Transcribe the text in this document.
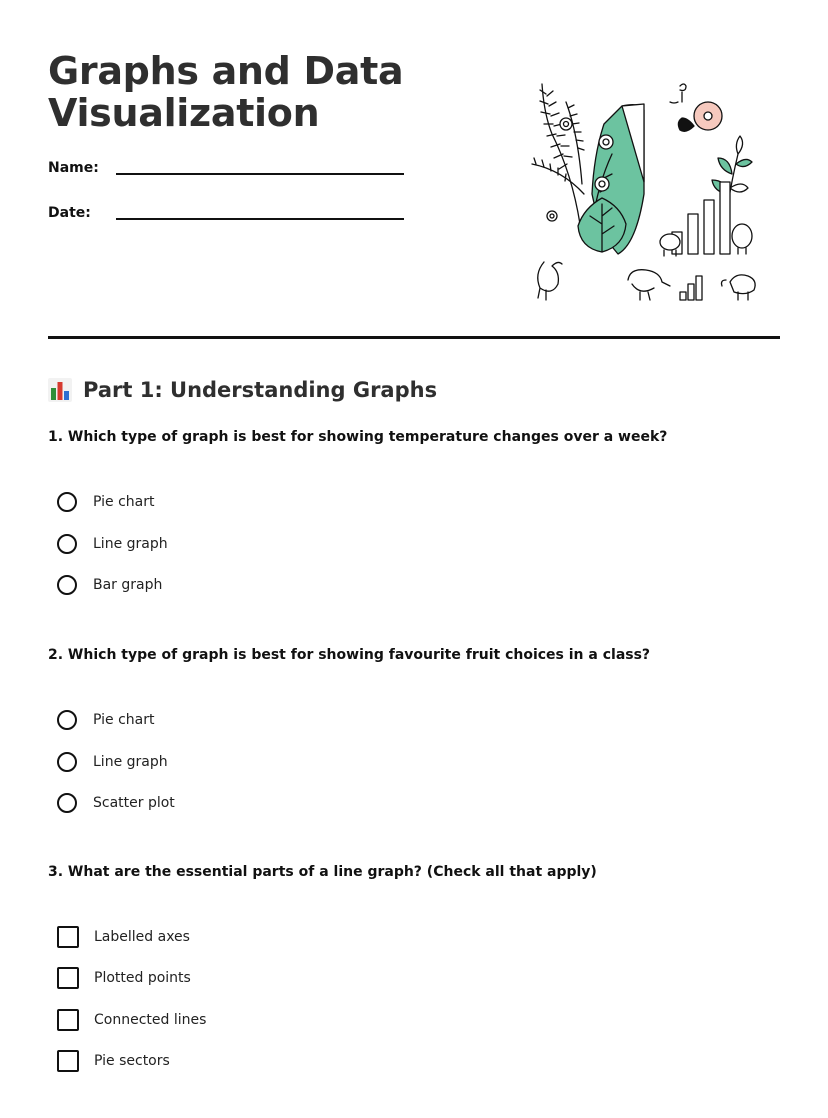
Graphs and Data
Visualization
Name:
Date:
Part 1: Understanding Graphs

1. Which type of graph is best for showing temperature changes over a week?

Pie chart
Line graph
Bar graph

2. Which type of graph is best for showing favourite fruit choices in a class?

Pie chart
Line graph
Scatter plot

3. What are the essential parts of a line graph? (Check all that apply)

Labelled axes
Plotted points
Connected lines
Pie sectors
